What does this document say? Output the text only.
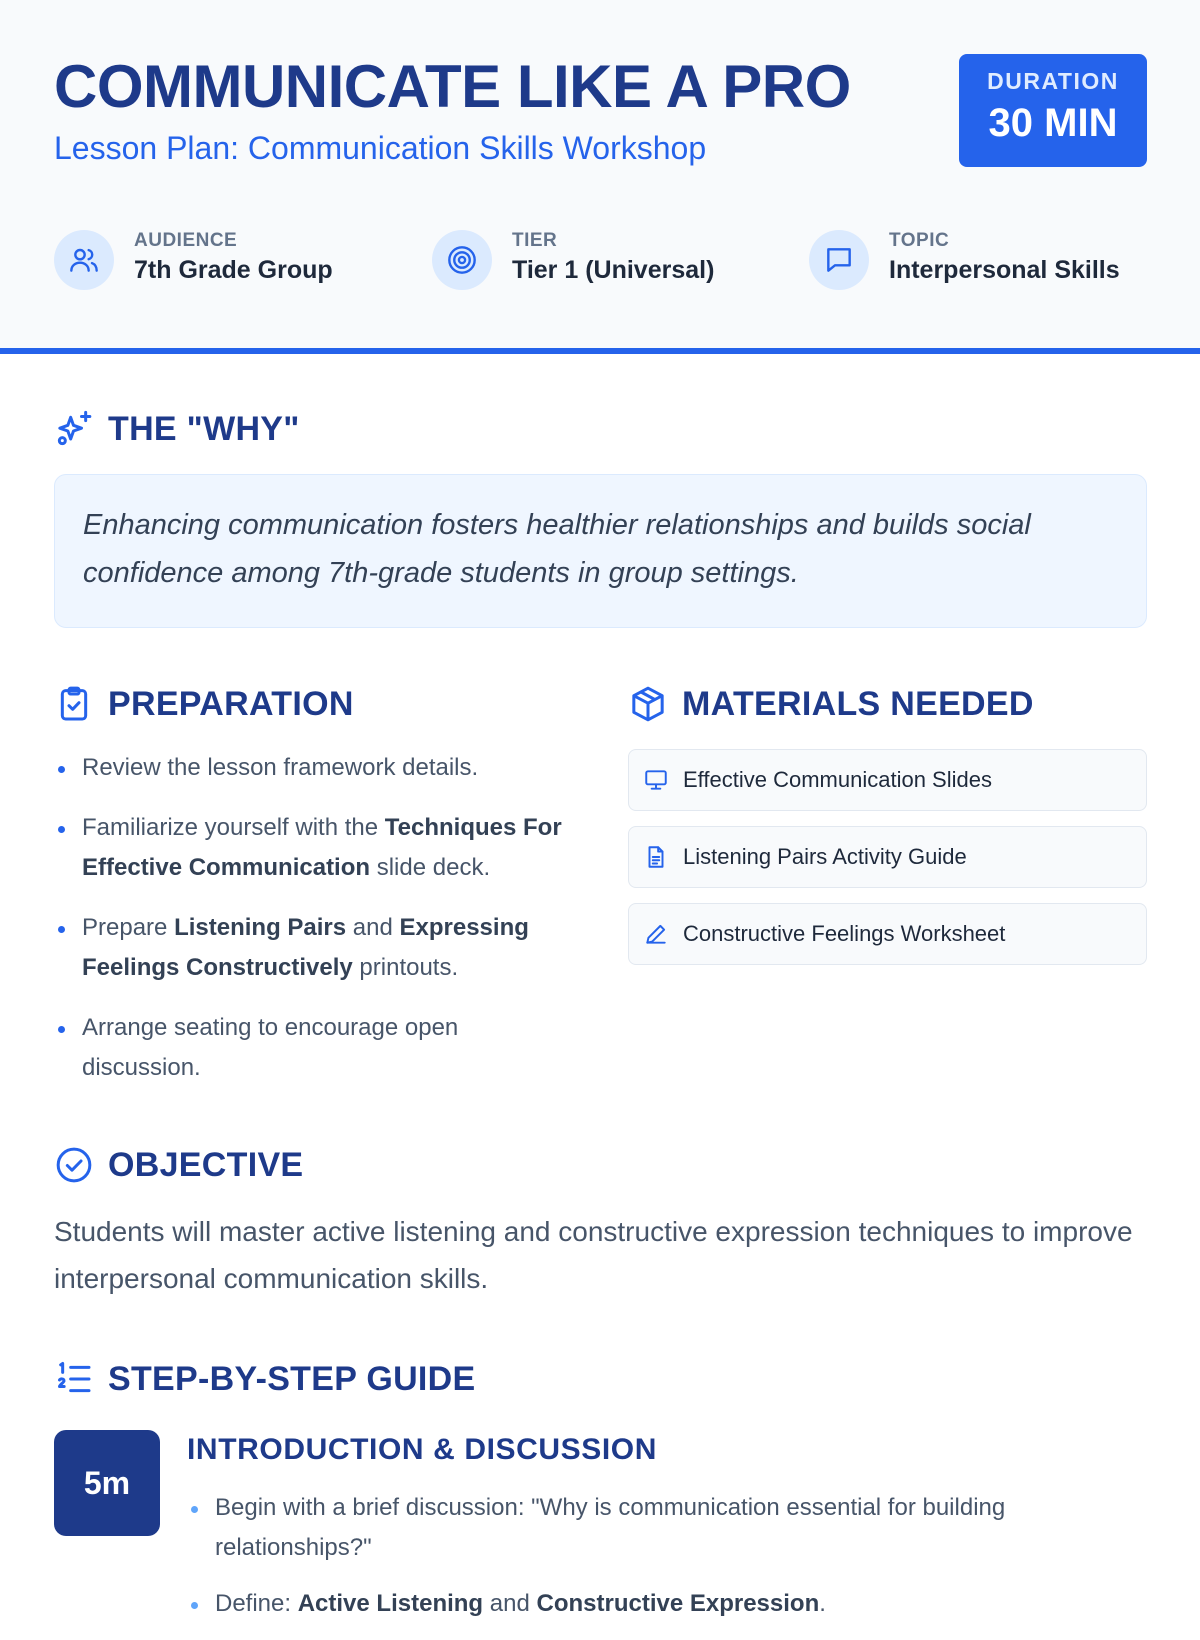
COMMUNICATE LIKE A PRO
Lesson Plan: Communication Skills Workshop
DURATION
30 MIN
AUDIENCE
7th Grade Group
TIER
Tier 1 (Universal)
TOPIC
Interpersonal Skills
THE "WHY"

Enhancing communication fosters healthier relationships and builds social confidence among 7th-grade students in group settings.

PREPARATION
Review the lesson framework details.
Familiarize yourself with the Techniques For Effective Communication slide deck.
Prepare Listening Pairs and Expressing Feelings Constructively printouts.
Arrange seating to encourage open discussion.
MATERIALS NEEDED
Effective Communication Slides
Listening Pairs Activity Guide
Constructive Feelings Worksheet
OBJECTIVE

Students will master active listening and constructive expression techniques to improve interpersonal communication skills.

STEP-BY-STEP GUIDE
5m
INTRODUCTION & DISCUSSION
Begin with a brief discussion: "Why is communication essential for building relationships?"
Define: Active Listening and Constructive Expression.
